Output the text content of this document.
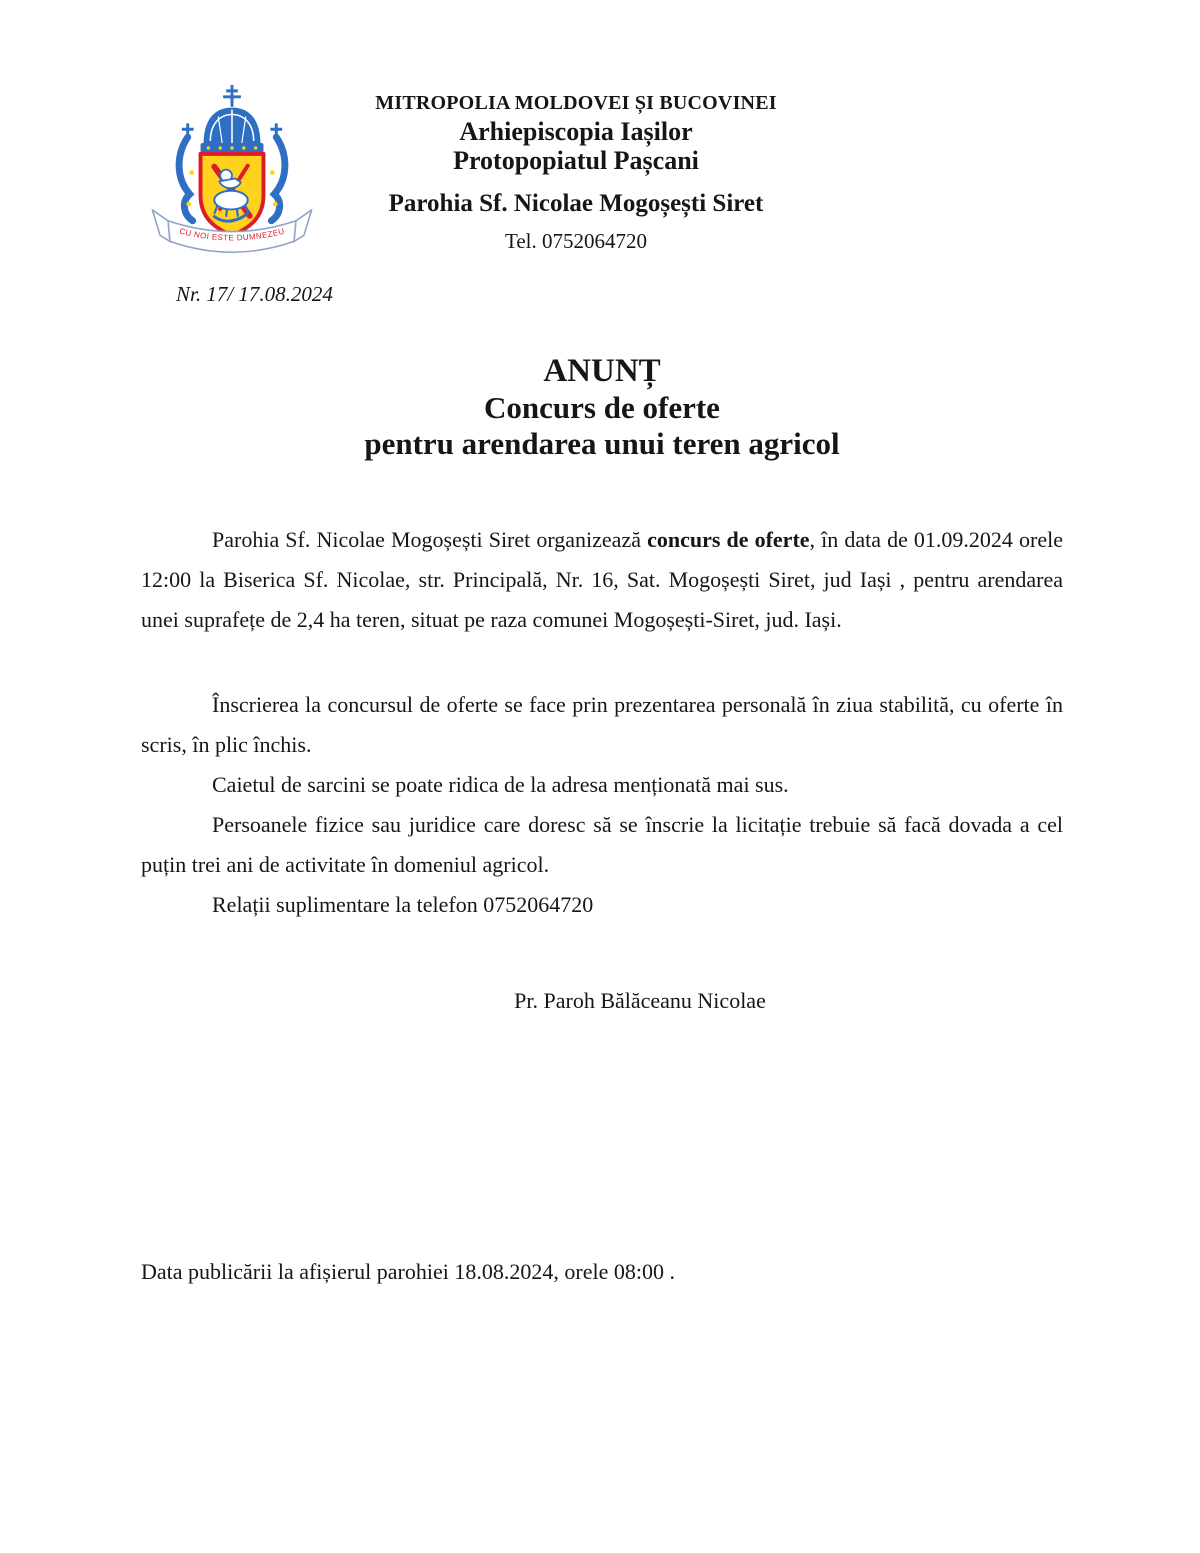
CU NOI ESTE DUMNEZEU
MITROPOLIA MOLDOVEI ȘI BUCOVINEI
Arhiepiscopia Iașilor
Protopopiatul Pașcani
Parohia Sf. Nicolae Mogoșești Siret
Tel. 0752064720
Nr. 17/ 17.08.2024
ANUNȚ
Concurs de oferte
pentru arendarea unui teren agricol

Parohia Sf. Nicolae Mogoșești Siret organizează concurs de oferte, în data de 01.09.2024 orele 12:00 la Biserica Sf. Nicolae, str. Principală, Nr. 16, Sat. Mogoșești Siret, jud Iași , pentru arendarea unei suprafețe de 2,4 ha teren, situat pe raza comunei Mogoșești-Siret, jud. Iași.

Înscrierea la concursul de oferte se face prin prezentarea personală în ziua stabilită, cu oferte în scris, în plic închis.

Caietul de sarcini se poate ridica de la adresa menționată mai sus.

Persoanele fizice sau juridice care doresc să se înscrie la licitație trebuie să facă dovada a cel puțin trei ani de activitate în domeniul agricol.

Relații suplimentare la telefon 0752064720

Pr. Paroh Bălăceanu Nicolae
Data publicării la afișierul parohiei 18.08.2024, orele 08:00 .
